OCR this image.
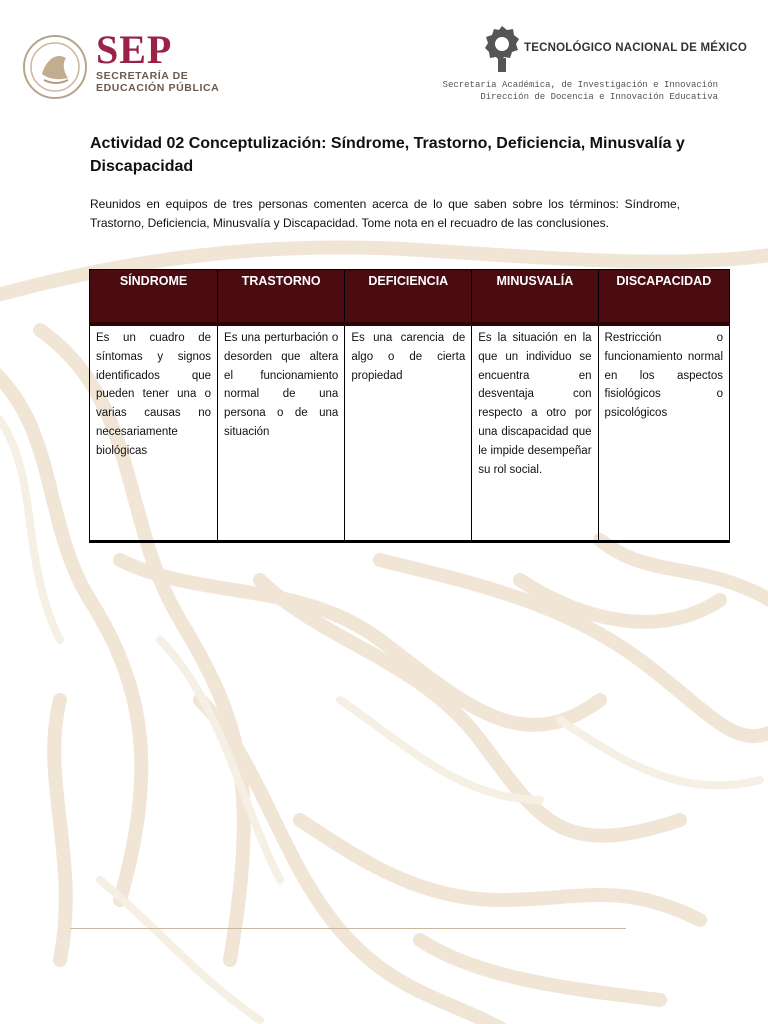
SEP
SECRETARÍA DE
EDUCACIÓN PÚBLICA
TECNOLÓGICO NACIONAL DE MÉXICO
Secretaría Académica, de Investigación e Innovación
Dirección de Docencia e Innovación Educativa
Actividad 02 Conceptulización: Síndrome, Trastorno, Deficiencia, Minusvalía y Discapacidad
Reunidos en equipos de tres personas comenten acerca de lo que saben sobre los términos: Síndrome, Trastorno, Deficiencia, Minusvalía y Discapacidad. Tome nota en el recuadro de las conclusiones.
SÍNDROME	TRASTORNO	DEFICIENCIA	MINUSVALÍA	DISCAPACIDAD
Es un cuadro de síntomas y signos identificados que pueden tener una o varias causas no necesariamente biológicas	Es una perturbación o desorden que altera el funcionamiento normal de una persona o de una situación	Es una carencia de algo o de cierta propiedad	Es la situación en la que un individuo se encuentra en desventaja con respecto a otro por una discapacidad que le impide desempeñar su rol social.	Restricción o funcionamiento normal en los aspectos fisiológicos o psicológicos
